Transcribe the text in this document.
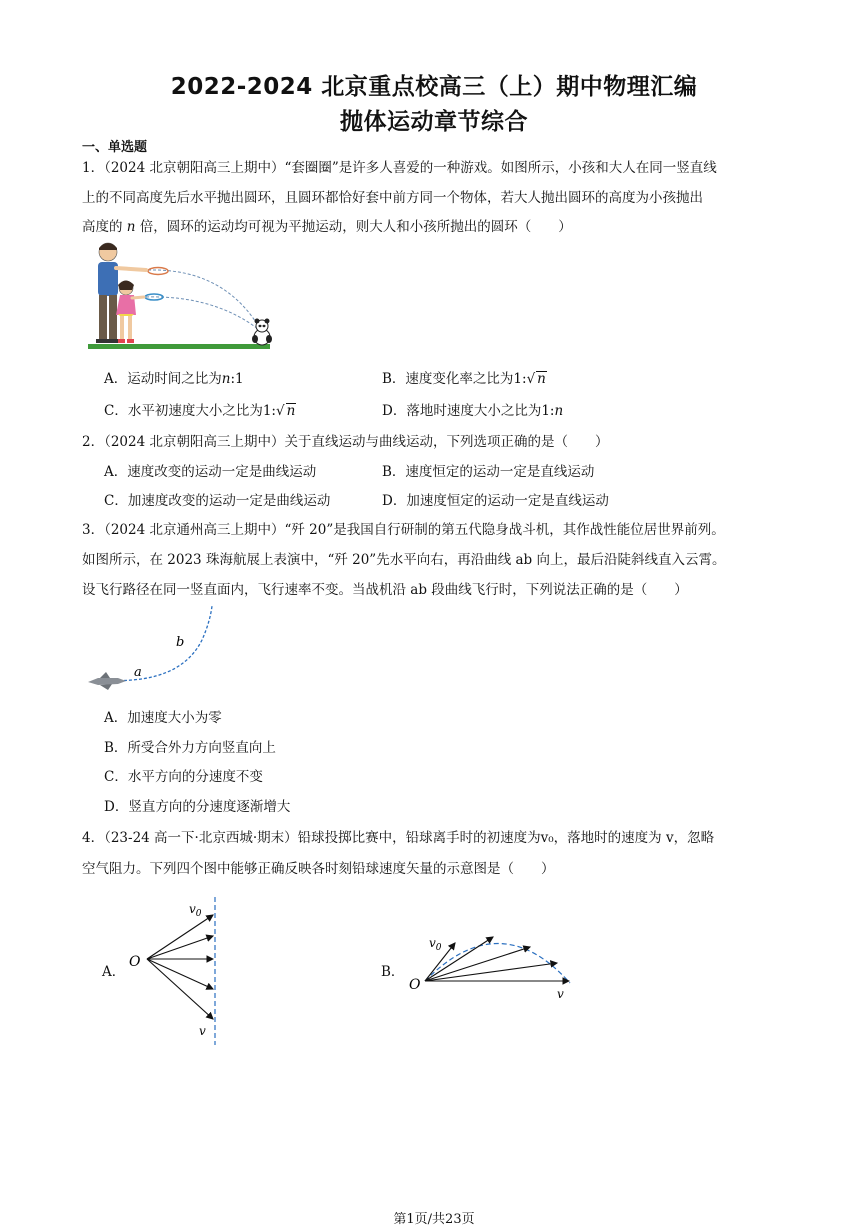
2022-2024 北京重点校高三（上）期中物理汇编
抛体运动章节综合
一、单选题
1．（2024 北京朝阳高三上期中）“套圈圈”是许多人喜爱的一种游戏。如图所示，小孩和大人在同一竖直线
上的不同高度先后水平抛出圆环，且圆环都恰好套中前方同一个物体，若大人抛出圆环的高度为小孩抛出
高度的 n 倍，圆环的运动均可视为平抛运动，则大人和小孩所抛出的圆环（　　）
A．运动时间之比为n:1	B．速度变化率之比为1:√ n
C．水平初速度大小之比为1:√ n	D．落地时速度大小之比为1:n
2．（2024 北京朝阳高三上期中）关于直线运动与曲线运动，下列选项正确的是（　　）
A．速度改变的运动一定是曲线运动	B．速度恒定的运动一定是直线运动
C．加速度改变的运动一定是曲线运动	D．加速度恒定的运动一定是直线运动
3．（2024 北京通州高三上期中）“歼 20”是我国自行研制的第五代隐身战斗机，其作战性能位居世界前列。
如图所示，在 2023 珠海航展上表演中，“歼 20”先水平向右，再沿曲线 ab 向上，最后沿陡斜线直入云霄。
设飞行路径在同一竖直面内，飞行速率不变。当战机沿 ab 段曲线飞行时，下列说法正确的是（　　）
a
b
A．加速度大小为零
B．所受合外力方向竖直向上
C．水平方向的分速度不变
D．竖直方向的分速度逐渐增大
4．（23-24 高一下·北京西城·期末）铅球投掷比赛中，铅球离手时的初速度为v₀，落地时的速度为 v，忽略
空气阻力。下列四个图中能够正确反映各时刻铅球速度矢量的示意图是（　　）
A．
O
$v_0$
v
B．
O
$v_0$
v
第1页/共23页
